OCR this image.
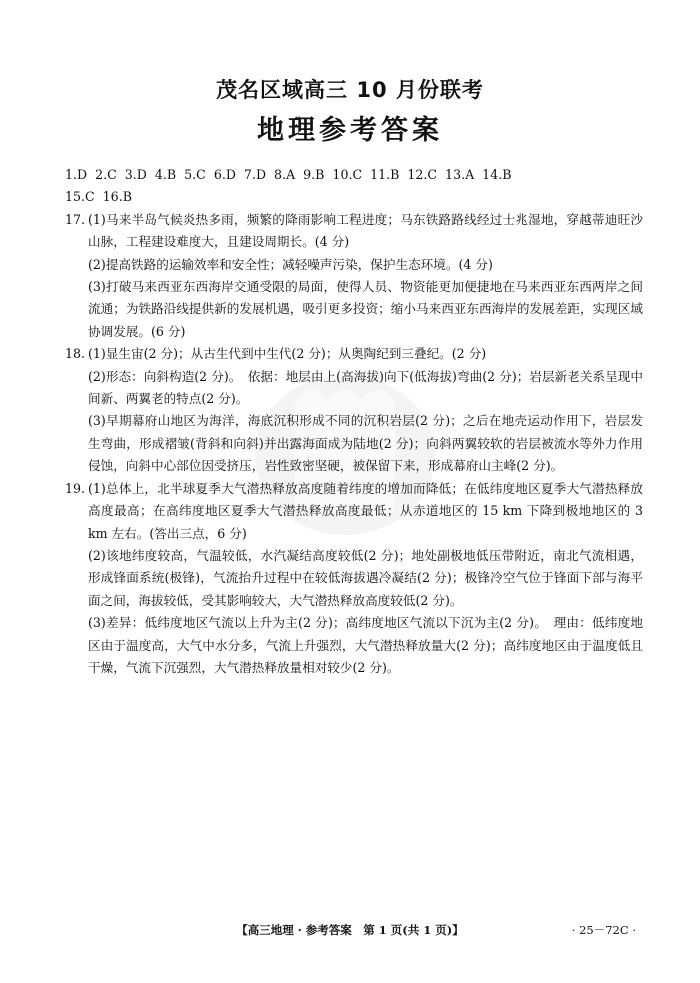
茂名区域高三 10 月份联考
地理参考答案
1.D 2.C 3.D 4.B 5.C 6.D 7.D 8.A 9.B 10.C 11.B 12.C 13.A 14.B
15.C 16.B
17. (1)马来半岛气候炎热多雨，频繁的降雨影响工程进度；马东铁路路线经过士兆湿地，穿越蒂迪旺沙山脉，工程建设难度大，且建设周期长。(4 分)

(2)提高铁路的运输效率和安全性；减轻噪声污染，保护生态环境。(4 分)

(3)打破马来西亚东西海岸交通受限的局面，使得人员、物资能更加便捷地在马来西亚东西两岸之间流通；为铁路沿线提供新的发展机遇，吸引更多投资；缩小马来西亚东西海岸的发展差距，实现区域协调发展。(6 分)

18. (1)显生宙(2 分)；从古生代到中生代(2 分)；从奥陶纪到三叠纪。(2 分)

(2)形态：向斜构造(2 分)。　依据：地层由上(高海拔)向下(低海拔)弯曲(2 分)；岩层新老关系呈现中间新、两翼老的特点(2 分)。

(3)早期幕府山地区为海洋，海底沉积形成不同的沉积岩层(2 分)；之后在地壳运动作用下，岩层发生弯曲，形成褶皱(背斜和向斜)并出露海面成为陆地(2 分)；向斜两翼较软的岩层被流水等外力作用侵蚀，向斜中心部位因受挤压，岩性致密坚硬，被保留下来，形成幕府山主峰(2 分)。

19. (1)总体上，北半球夏季大气潜热释放高度随着纬度的增加而降低；在低纬度地区夏季大气潜热释放高度最高；在高纬度地区夏季大气潜热释放高度最低；从赤道地区的 15 km 下降到极地地区的 3 km 左右。(答出三点，6 分)

(2)该地纬度较高，气温较低，水汽凝结高度较低(2 分)；地处副极地低压带附近，南北气流相遇，形成锋面系统(极锋)，气流抬升过程中在较低海拔遇冷凝结(2 分)；极锋冷空气位于锋面下部与海平面之间，海拔较低，受其影响较大，大气潜热释放高度较低(2 分)。

(3)差异：低纬度地区气流以上升为主(2 分)；高纬度地区气流以下沉为主(2 分)。　理由：低纬度地区由于温度高，大气中水分多，气流上升强烈，大气潜热释放量大(2 分)；高纬度地区由于温度低且干燥，气流下沉强烈，大气潜热释放量相对较少(2 分)。

【高三地理 · 参考答案　第 1 页(共 1 页)】	· 25－72C ·
